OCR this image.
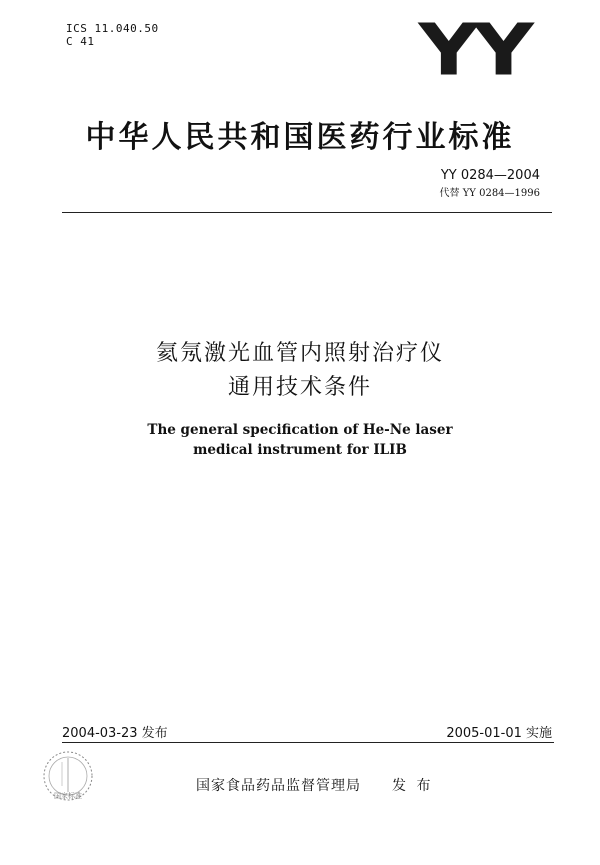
ICS 11.040.50
C 41	YY
中华人民共和国医药行业标准
YY 0284—2004
代替 YY 0284—1996
氦氖激光血管内照射治疗仪
通用技术条件
The general specification of He-Ne laser
medical instrument for ILIB
2004-03-23 发布	2005-01-01 实施
国家标准
国家食品药品监督管理局 发 布
